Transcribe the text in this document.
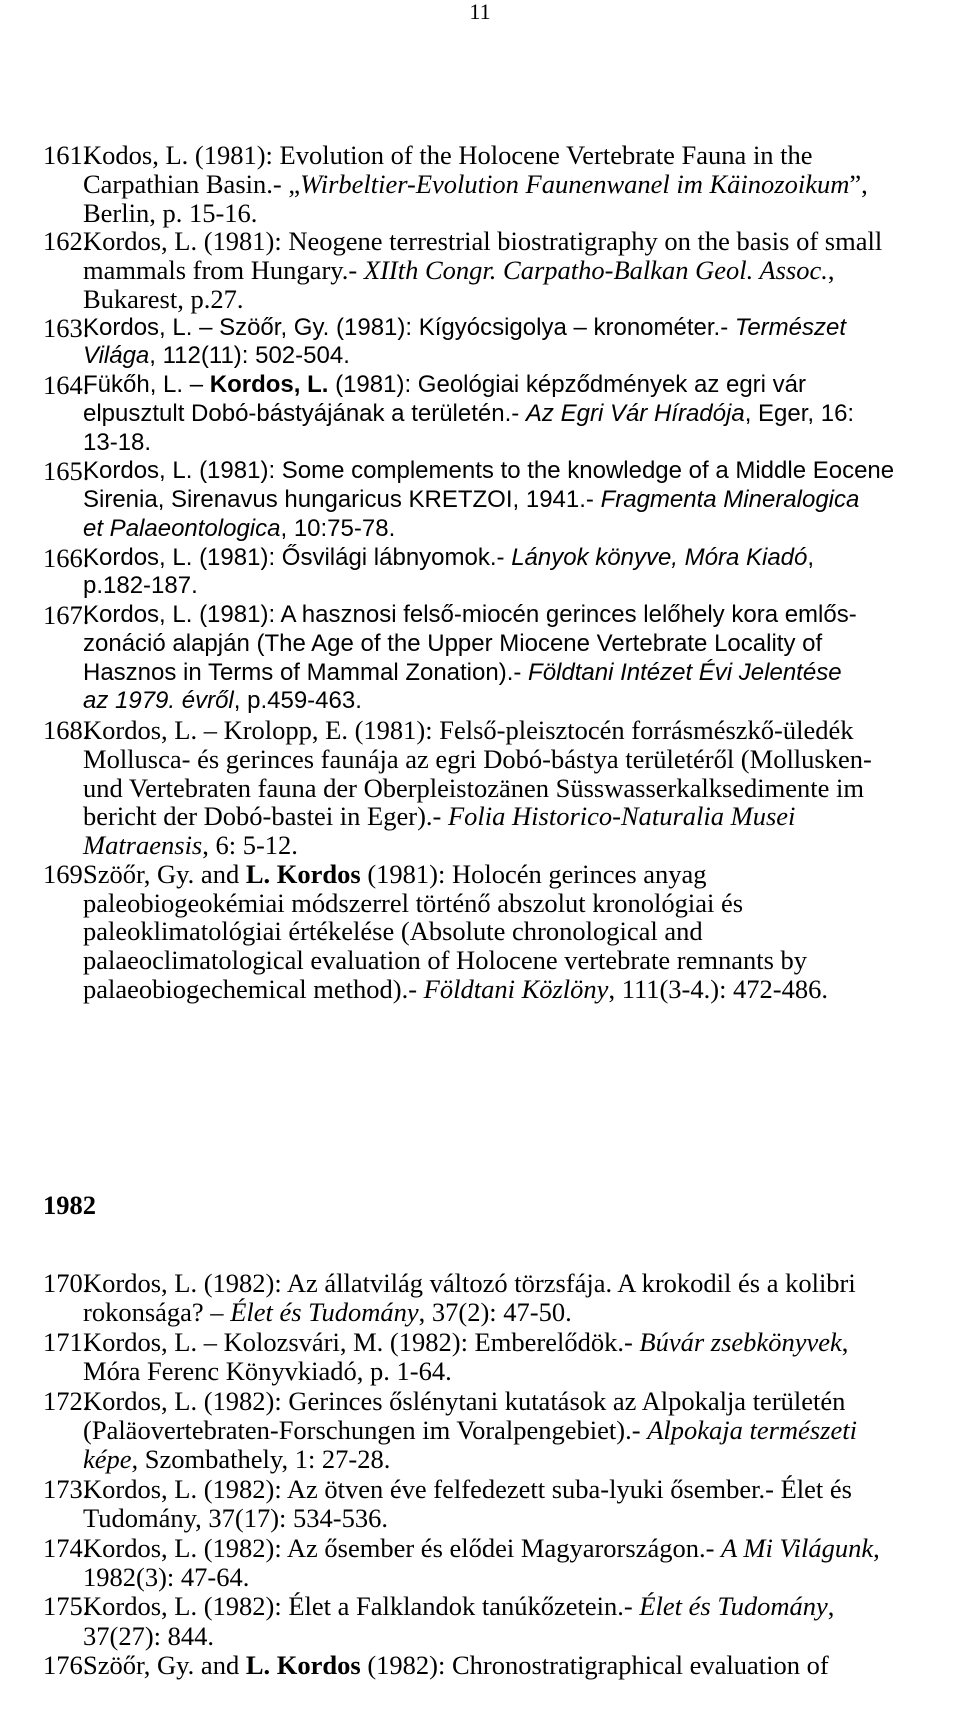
11
161.
Kodos, L. (1981): Evolution of the Holocene Vertebrate Fauna in the
Carpathian Basin.- „Wirbeltier-Evolution Faunenwanel im Käinozoikum”,
Berlin, p. 15-16.
162.
Kordos, L. (1981): Neogene terrestrial biostratigraphy on the basis of small
mammals from Hungary.- XIIth Congr. Carpatho-Balkan Geol. Assoc.,
Bukarest, p.27.
163.
Kordos, L. – Szöőr, Gy. (1981): Kígyócsigolya – kronométer.- Természet
Világa, 112(11): 502-504.
164.
Fükőh, L. – Kordos, L. (1981): Geológiai képződmények az egri vár
elpusztult Dobó-bástyájának a területén.- Az Egri Vár Híradója, Eger, 16:
13-18.
165.
Kordos, L. (1981): Some complements to the knowledge of a Middle Eocene
Sirenia, Sirenavus hungaricus KRETZOI, 1941.- Fragmenta Mineralogica
et Palaeontologica, 10:75-78.
166.
Kordos, L. (1981): Ősvilági lábnyomok.- Lányok könyve, Móra Kiadó,
p.182-187.
167.
Kordos, L. (1981): A hasznosi felső-miocén gerinces lelőhely kora emlős-
zonáció alapján (The Age of the Upper Miocene Vertebrate Locality of
Hasznos in Terms of Mammal Zonation).- Földtani Intézet Évi Jelentése
az 1979. évről, p.459-463.
168.
Kordos, L. – Krolopp, E. (1981): Felső-pleisztocén forrásmészkő-üledék
Mollusca- és gerinces faunája az egri Dobó-bástya területéről (Mollusken-
und Vertebraten fauna der Oberpleistozänen Süsswasserkalksedimente im
bericht der Dobó-bastei in Eger).- Folia Historico-Naturalia Musei
Matraensis, 6: 5-12.
169.
Szöőr, Gy. and L. Kordos (1981): Holocén gerinces anyag
paleobiogeokémiai módszerrel történő abszolut kronológiai és
paleoklimatológiai értékelése (Absolute chronological and
palaeoclimatological evaluation of Holocene vertebrate remnants by
palaeobiogechemical method).- Földtani Közlöny, 111(3-4.): 472-486.
1982
170.
Kordos, L. (1982): Az állatvilág változó törzsfája. A krokodil és a kolibri
rokonsága? – Élet és Tudomány, 37(2): 47-50.
171.
Kordos, L. – Kolozsvári, M. (1982): Emberelődök.- Búvár zsebkönyvek,
Móra Ferenc Könyvkiadó, p. 1-64.
172.
Kordos, L. (1982): Gerinces őslénytani kutatások az Alpokalja területén
(Paläovertebraten-Forschungen im Voralpengebiet).- Alpokaja természeti
képe, Szombathely, 1: 27-28.
173.
Kordos, L. (1982): Az ötven éve felfedezett suba-lyuki ősember.- Élet és
Tudomány, 37(17): 534-536.
174.
Kordos, L. (1982): Az ősember és elődei Magyarországon.- A Mi Világunk,
1982(3): 47-64.
175.
Kordos, L. (1982): Élet a Falklandok tanúkőzetein.- Élet és Tudomány,
37(27): 844.
176.
Szöőr, Gy. and L. Kordos (1982): Chronostratigraphical evaluation of
